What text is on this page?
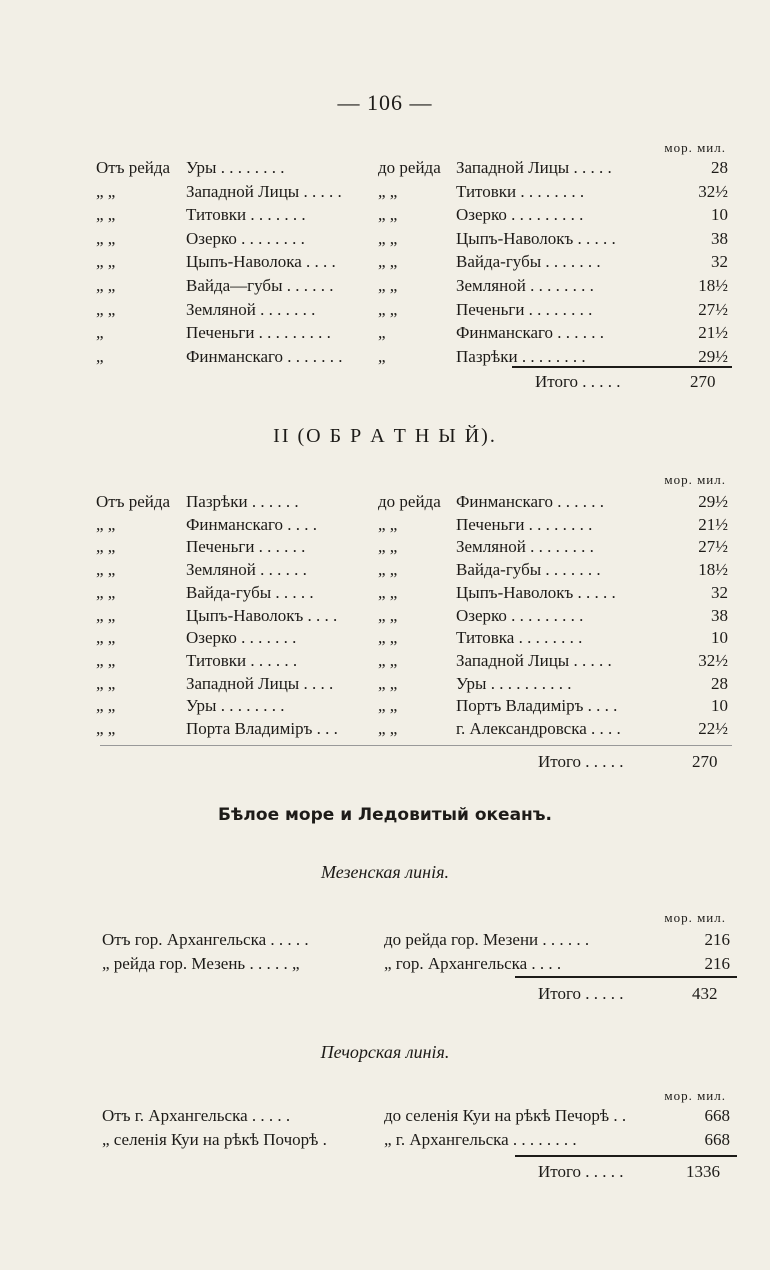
— 106 —
мор. мил.
Отъ рейда Уры . . . . . . . .	до рейда Западной Лицы . . . . .	28
„ „	Западной Лицы . . . . . „ „	Титовки . . . . . . . .	32½
„ „	Титовки . . . . . . .	„ „	Озерко . . . . . . . . .	10
„ „	Озерко . . . . . . . .	„ „	Цыпъ-Наволокъ . . . . .	38
„ „	Цыпъ-Наволока . . . . „ „	Вайда-губы . . . . . . .	32
„ „	Вайда—губы . . . . . .	„ „	Земляной . . . . . . . .	18½
„ „	Земляной . . . . . . .	„ „	Печеньги . . . . . . . .	27½
„	Печеньги . . . . . . . . .	„	Финманскаго . . . . . .	21½
„	Финманскаго . . . . . . . „	Пазрѣки . . . . . . . .	29½
Итого . . . . .	270
II (О Б Р А Т Н Ы Й).
мор. мил.
Отъ рейда Пазрѣки . . . . . .	до рейда Финманскаго . . . . . .	29½
„ „	Финманскаго . . . .	„ „	Печеньги . . . . . . . .	21½
„ „	Печеньги . . . . . .	„ „	Земляной . . . . . . . .	27½
„ „	Земляной . . . . . .	„ „	Вайда-губы . . . . . . .	18½
„ „	Вайда-губы . . . . .	„ „	Цыпъ-Наволокъ . . . . .	32
„ „	Цыпъ-Наволокъ . . . . „ „	Озерко . . . . . . . . .	38
„ „	Озерко . . . . . . .	„ „	Титовка . . . . . . . .	10
„ „	Титовки . . . . . .	„ „	Западной Лицы . . . . .	32½
„ „	Западной Лицы . . . .	„ „	Уры . . . . . . . . . .	28
„ „	Уры . . . . . . . .	„ „	Портъ Владиміръ . . . .	10
„ „	Порта Владиміръ . . . „ „	г. Александровска . . . .	22½
Итого . . . . .	270
Бѣлое море и Ледовитый океанъ.
Мезенская линія.
мор. мил.
Отъ гор. Архангельска . . . . .	до рейда гор. Мезени . . . . . .	216
„ рейда гор. Мезень . . . . . „	„ гор. Архангельска . . . .	216
Итого . . . . .	432
Печорская линія.
мор. мил.
Отъ г. Архангельска . . . . .	до селенія Куи на рѣкѣ Печорѣ . .	668
„ селенія Куи на рѣкѣ Почорѣ .	„ г. Архангельска . . . . . . . .	668
Итого . . . . .	1336
